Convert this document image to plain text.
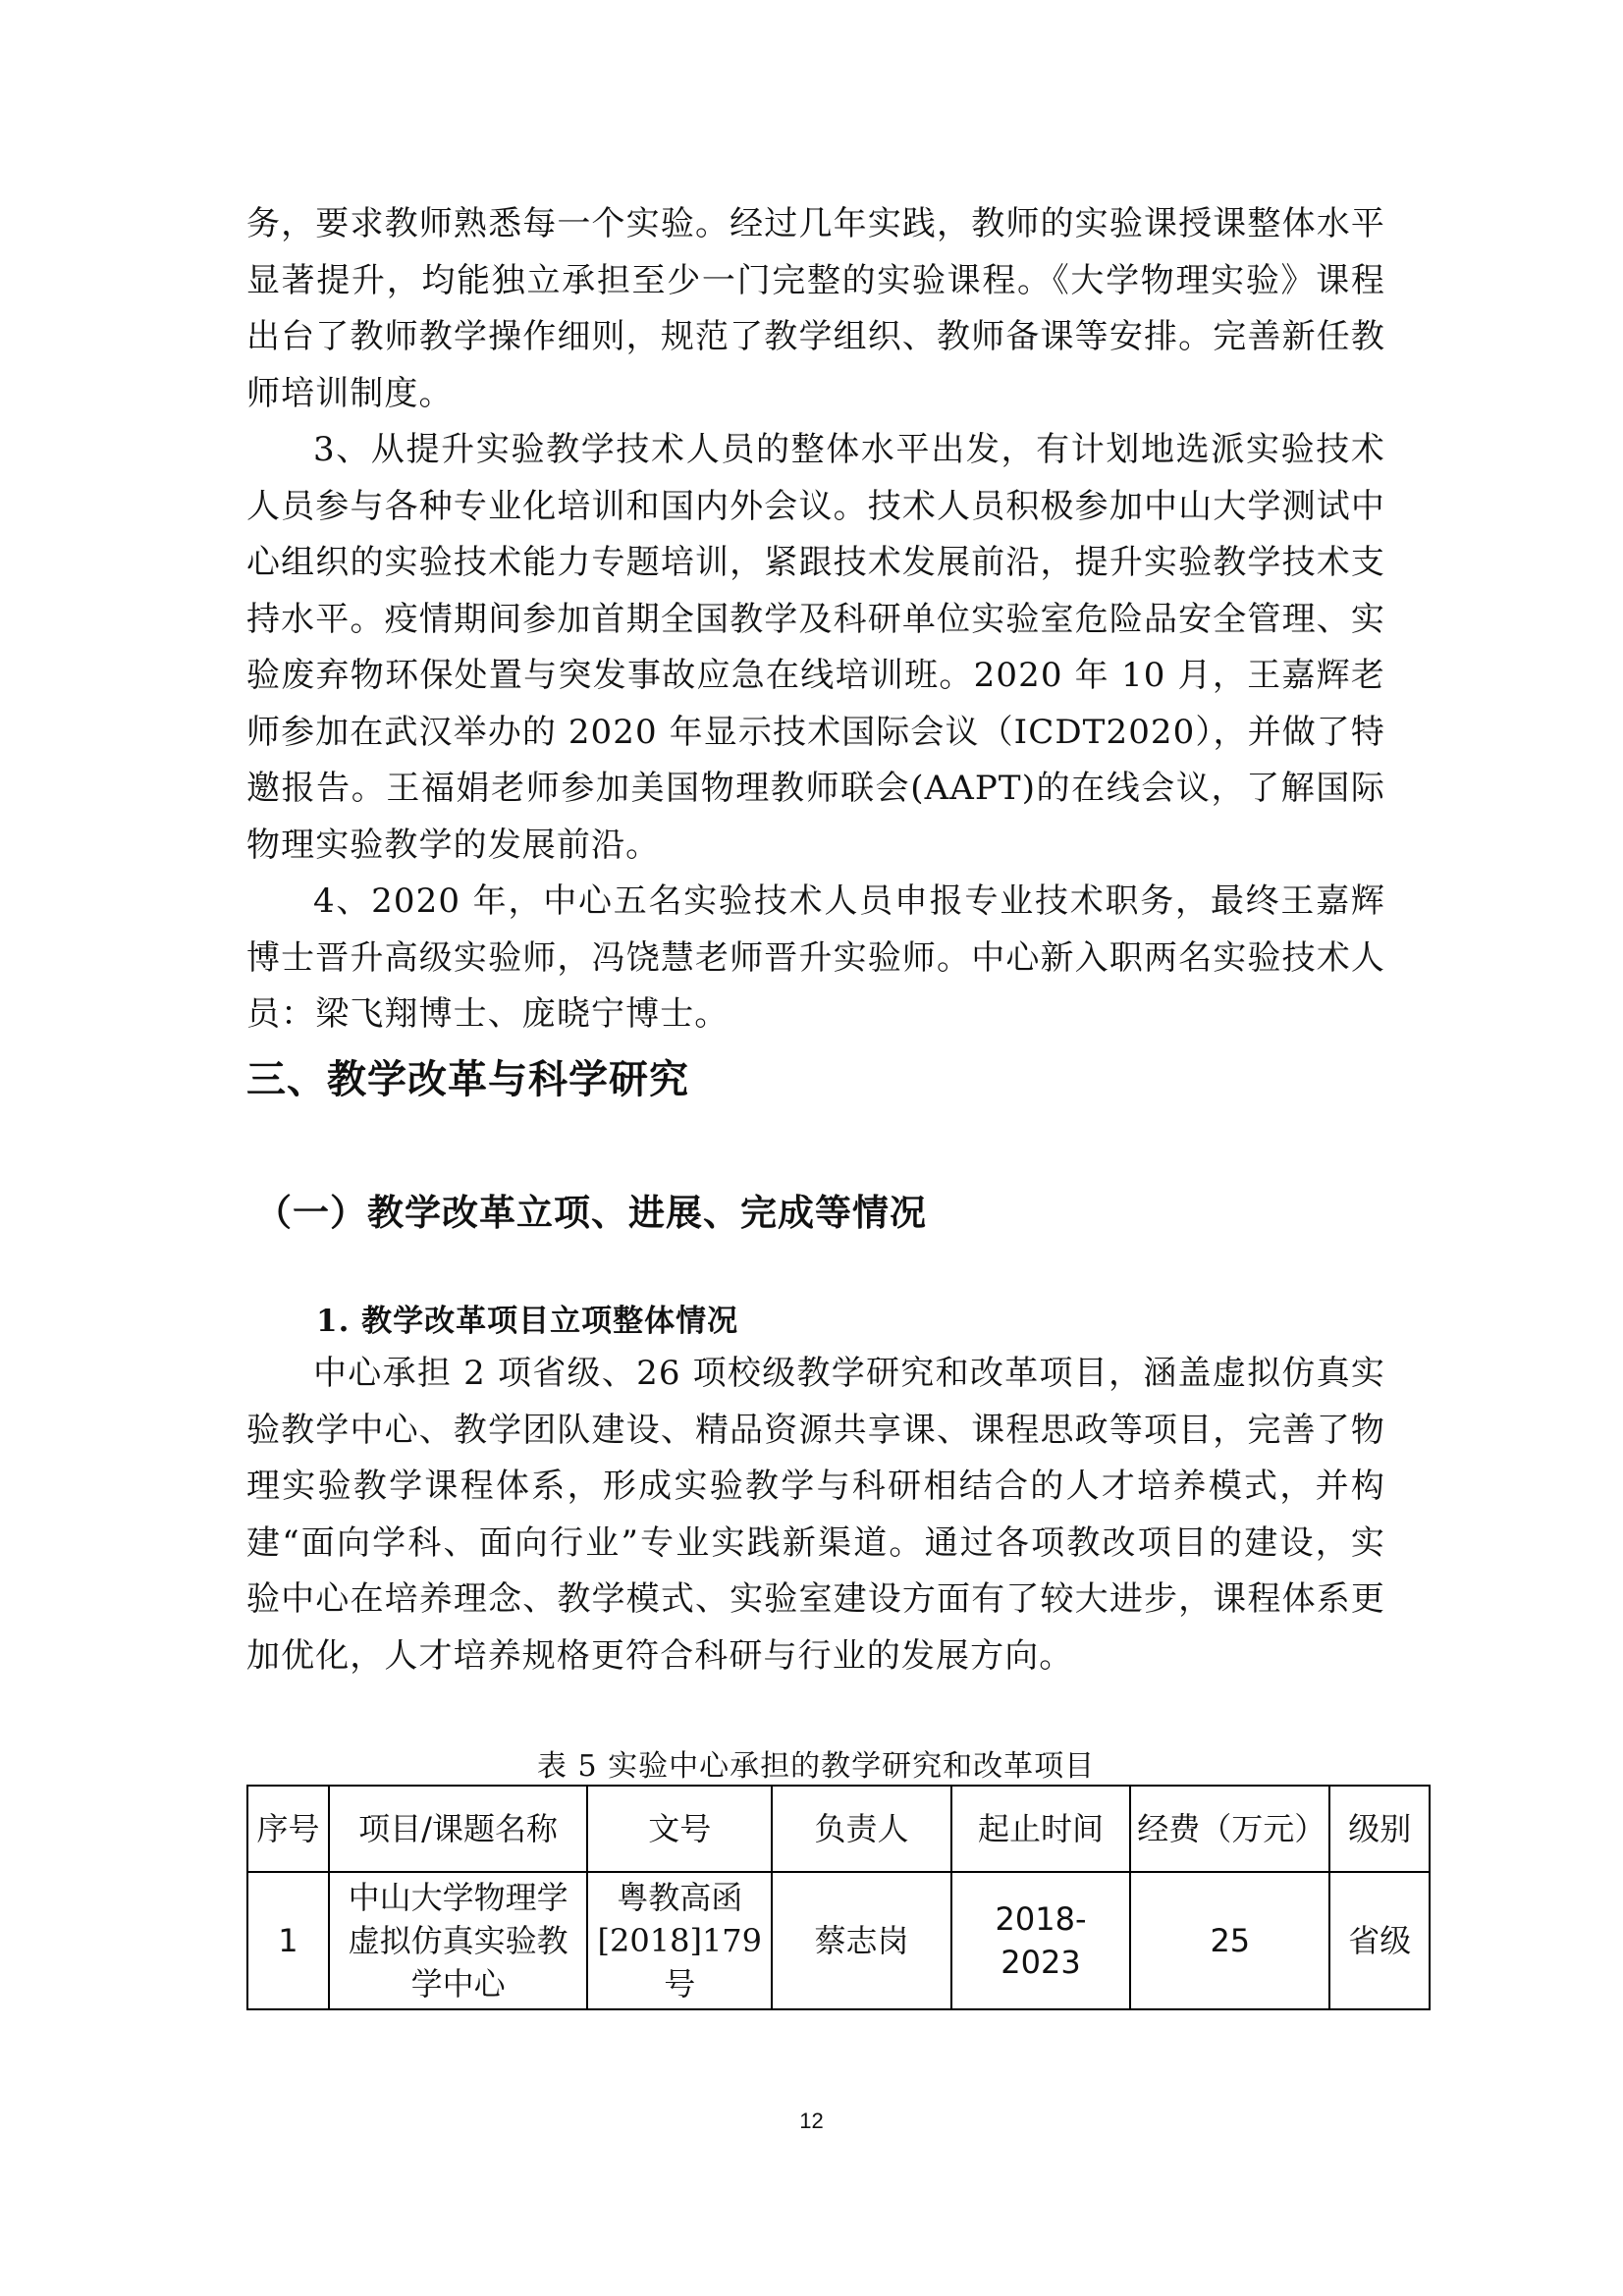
务，要求教师熟悉每一个实验。经过几年实践，教师的实验课授课整体水平显著提升，均能独立承担至少一门完整的实验课程。《大学物理实验》课程出台了教师教学操作细则，规范了教学组织、教师备课等安排。完善新任教师培训制度。

3、从提升实验教学技术人员的整体水平出发，有计划地选派实验技术人员参与各种专业化培训和国内外会议。技术人员积极参加中山大学测试中心组织的实验技术能力专题培训，紧跟技术发展前沿，提升实验教学技术支持水平。疫情期间参加首期全国教学及科研单位实验室危险品安全管理、实验废弃物环保处置与突发事故应急在线培训班。2020 年 10 月，王嘉辉老师参加在武汉举办的 2020 年显示技术国际会议（ICDT2020），并做了特邀报告。王福娟老师参加美国物理教师联会(AAPT)的在线会议，了解国际物理实验教学的发展前沿。

4、2020 年，中心五名实验技术人员申报专业技术职务，最终王嘉辉博士晋升高级实验师，冯饶慧老师晋升实验师。中心新入职两名实验技术人员：梁飞翔博士、庞晓宁博士。

三、教学改革与科学研究
（一）教学改革立项、进展、完成等情况
1. 教学改革项目立项整体情况

中心承担 2 项省级、26 项校级教学研究和改革项目，涵盖虚拟仿真实验教学中心、教学团队建设、精品资源共享课、课程思政等项目，完善了物理实验教学课程体系，形成实验教学与科研相结合的人才培养模式，并构建“面向学科、面向行业”专业实践新渠道。通过各项教改项目的建设，实验中心在培养理念、教学模式、实验室建设方面有了较大进步，课程体系更加优化，人才培养规格更符合科研与行业的发展方向。

表 5 实验中心承担的教学研究和改革项目

序号	项目/课题名称	文号	负责人	起止时间	经费（万元）	级别
1	中山大学物理学虚拟仿真实验教学中心	粤教高函[2018]179 号	蔡志岗	2018-2023	25	省级

12
